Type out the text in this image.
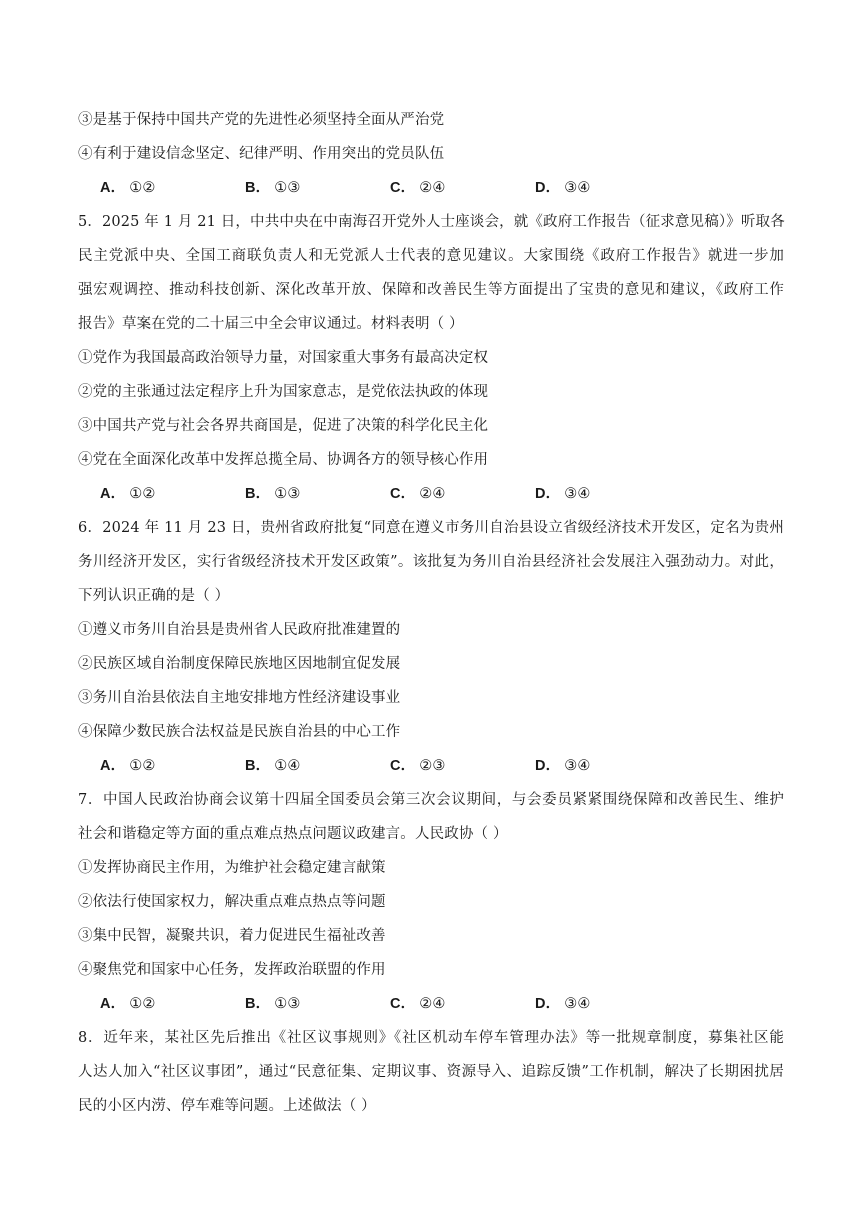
③是基于保持中国共产党的先进性必须坚持全面从严治党
④有利于建设信念坚定、纪律严明、作用突出的党员队伍
A． ①②	B． ①③	C． ②④	D． ③④
5．2025 年 1 月 21 日，中共中央在中南海召开党外人士座谈会，就《政府工作报告（征求意见稿）》听取各
民主党派中央、全国工商联负责人和无党派人士代表的意见建议。大家围绕《政府工作报告》就进一步加
强宏观调控、推动科技创新、深化改革开放、保障和改善民生等方面提出了宝贵的意见和建议，《政府工作
报告》草案在党的二十届三中全会审议通过。材料表明（ ）
①党作为我国最高政治领导力量，对国家重大事务有最高决定权
②党的主张通过法定程序上升为国家意志，是党依法执政的体现
③中国共产党与社会各界共商国是，促进了决策的科学化民主化
④党在全面深化改革中发挥总揽全局、协调各方的领导核心作用
A． ①②	B． ①③	C． ②④	D． ③④
6．2024 年 11 月 23 日，贵州省政府批复“同意在遵义市务川自治县设立省级经济技术开发区，定名为贵州
务川经济开发区，实行省级经济技术开发区政策”。该批复为务川自治县经济社会发展注入强劲动力。对此，
下列认识正确的是（ ）
①遵义市务川自治县是贵州省人民政府批准建置的
②民族区域自治制度保障民族地区因地制宜促发展
③务川自治县依法自主地安排地方性经济建设事业
④保障少数民族合法权益是民族自治县的中心工作
A． ①②	B． ①④	C． ②③	D． ③④
7．中国人民政治协商会议第十四届全国委员会第三次会议期间，与会委员紧紧围绕保障和改善民生、维护
社会和谐稳定等方面的重点难点热点问题议政建言。人民政协（ ）
①发挥协商民主作用，为维护社会稳定建言献策
②依法行使国家权力，解决重点难点热点等问题
③集中民智，凝聚共识，着力促进民生福祉改善
④聚焦党和国家中心任务，发挥政治联盟的作用
A． ①②	B． ①③	C． ②④	D． ③④
8．近年来，某社区先后推出《社区议事规则》《社区机动车停车管理办法》等一批规章制度，募集社区能
人达人加入“社区议事团”，通过“民意征集、定期议事、资源导入、追踪反馈”工作机制，解决了长期困扰居
民的小区内涝、停车难等问题。上述做法（ ）
